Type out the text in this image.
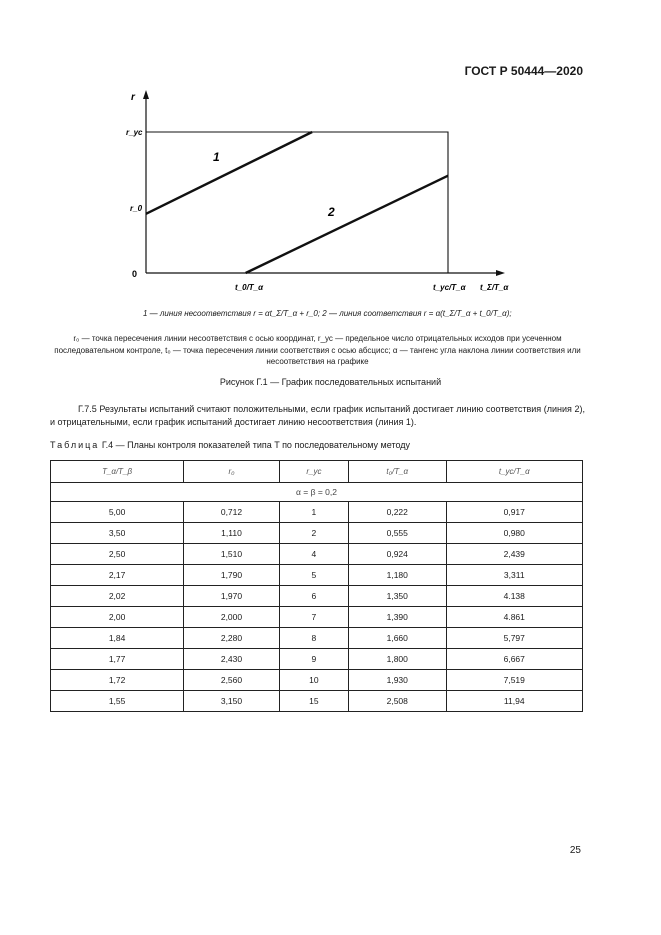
ГОСТ Р 50444—2020
r
r_ус
r_0
0
t_0/T_α	t_ус/T_α t_Σ/T_α
1
2
1 — линия несоответствия r = αt_Σ/T_α + r_0; 2 — линия соответствия r = α(t_Σ/T_α + t_0/T_α);
r₀ — точка пересечения линии несоответствия с осью координат, r_ус — предельное число отрицательных исходов при усеченном последовательном контроле, t₀ — точка пересечения линии соответствия с осью абсцисс; α — тангенс угла наклона линии соответствия или несоответствия на графике
Рисунок Г.1 — График последовательных испытаний
Г.7.5 Результаты испытаний считают положительными, если график испытаний достигает линию соответствия (линия 2), и отрицательными, если график испытаний достигает линию несоответствия (линия 1).
Таблица Г.4 — Планы контроля показателей типа T по последовательному методу
T_α/T_β	r₀	r_ус	t₀/T_α	t_ус/T_α
α = β = 0,2				
5,00	0,712	1	0,222	0,917
3,50	1,110	2	0,555	0,980
2,50	1,510	4	0,924	2,439
2,17	1,790	5	1,180	3,311
2,02	1,970	6	1,350	4.138
2,00	2,000	7	1,390	4.861
1,84	2,280	8	1,660	5,797
1,77	2,430	9	1,800	6,667
1,72	2,560	10	1,930	7,519
1,55	3,150	15	2,508	11,94
25
